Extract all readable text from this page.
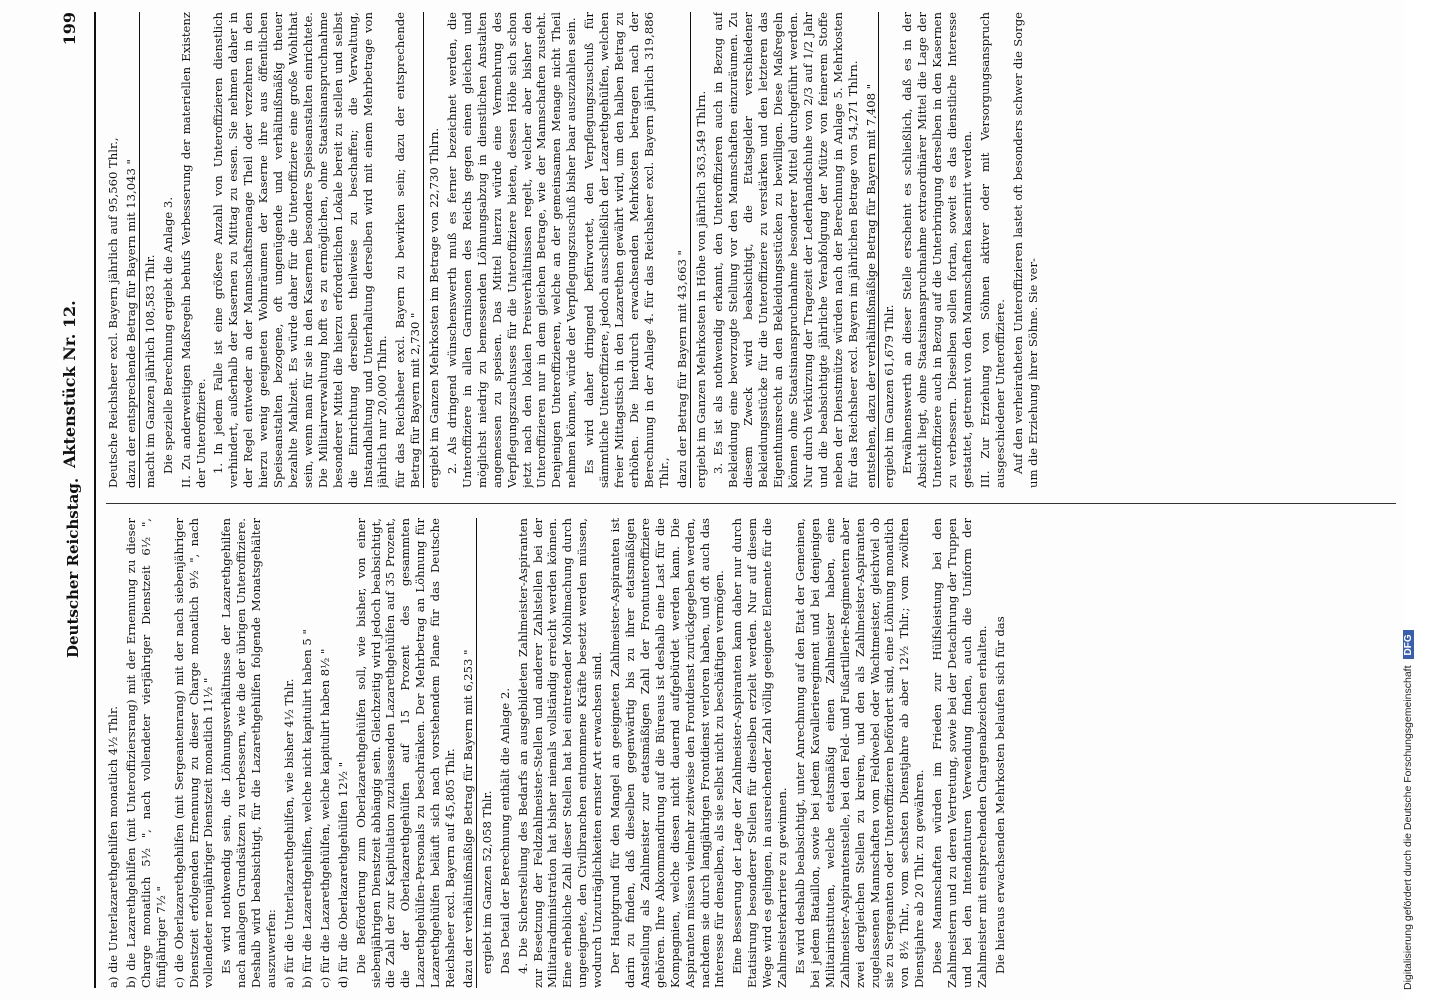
Deutscher Reichstag.
Aktenstück Nr. 12.
199

a) die Unterlazarethgehilfen monatlich 4½ Thlr. b) die Lazarethgehilfen (mit Unteroffiziersrang) mit der Ernennung zu dieser Charge monatlich 5½ ", nach vollendeter vierjähriger Dienstzeit 6½ ", fünfjähriger 7½ " c) die Oberlazarethgehilfen (mit Sergeantenrang) mit der nach siebenjähriger Dienstzeit erfolgenden Ernennung zu dieser Charge monatlich 9½ ", nach vollendeter neunjähriger Dienstzeit monatlich 11½ " Es wird nothwendig sein, die Löhnungsverhältnisse der Lazarethgehilfen nach analogen Grundsätzen zu verbessern, wie die der übrigen Unteroffiziere. Deshalb wird beabsichtigt, für die Lazarethgehilfen folgende Monatsgehälter auszuwerfen: a) für die Unterlazarethgehilfen, wie bisher 4½ Thlr. b) für die Lazarethgehilfen, welche nicht kapitulirt haben 5 " c) für die Lazarethgehülfen, welche kapitulirt haben 8½ " d) für die Oberlazarethgehülfen 12½ " Die Beförderung zum Oberlazarethgehülfen soll, wie bisher, von einer siebenjährigen Dienstzeit abhängig sein. Gleichzeitig wird jedoch beabsichtigt, die Zahl der zur Kapitulation zuzulassenden Lazarethgehülfen auf 35 Prozent, die der Oberlazarethgehülfen auf 15 Prozent des gesammten Lazarethgehülfen-Personals zu beschränken. Der Mehrbetrag an Löhnung für Lazarethgehülfen beläuft sich nach vorstehendem Plane für das Deutsche Reichsheer excl. Bayern auf 45,805 Thlr. dazu der verhältnißmäßige Betrag für Bayern mit 6,253 " ergiebt im Ganzen 52,058 Thlr. Das Detail der Berechnung enthält die Anlage 2. 4. Die Sicherstellung des Bedarfs an ausgebildeten Zahlmeister-Aspiranten zur Besetzung der Feldzahlmeister-Stellen und anderer Zahlstellen bei der Militairadministration hat bisher niemals vollständig erreicht werden können. Eine erhebliche Zahl dieser Stellen hat bei eintretender Mobilmachung durch ungeeignete, den Civilbranchen entnommene Kräfte besetzt werden müssen, wodurch Unzuträglichkeiten ernster Art erwachsen sind. Der Hauptgrund für den Mangel an geeigneten Zahlmeister-Aspiranten ist darin zu finden, daß dieselben gegenwärtig bis zu ihrer etatsmäßigen Anstellung als Zahlmeister zur etatsmäßigen Zahl der Frontunteroffiziere gehören. Ihre Abkommandirung auf die Büreaus ist deshalb eine Last für die Kompagnien, welche diesen nicht dauernd aufgebürdet werden kann. Die Aspiranten müssen vielmehr zeitweise den Frontdienst zurückgegeben werden, nachdem sie durch langjährigen Frontdienst verloren haben, und oft auch das Interesse für denselben, als sie selbst nicht zu beschäftigen vermögen. Eine Besserung der Lage der Zahlmeister-Aspiranten kann daher nur durch Etatisirung besonderer Stellen für dieselben erzielt werden. Nur auf diesem Wege wird es gelingen, in ausreichender Zahl völlig geeignete Elemente für die Zahlmeisterkarriere zu gewinnen. Es wird deshalb beabsichtigt, unter Anrechnung auf den Etat der Gemeinen, bei jedem Bataillon, sowie bei jedem Kavallerieregiment und bei denjenigen Militairinstituten, welche etatsmäßig einen Zahlmeister haben, eine Zahlmeister-Aspirantenstelle, bei den Feld- und Fußartillerie-Regimentern aber zwei dergleichen Stellen zu kreiren, und den als Zahlmeister-Aspiranten zugelassenen Mannschaften vom Feldwebel oder Wachtmeister, gleichviel ob sie zu Sergeanten oder Unteroffizieren befördert sind, eine Löhnung monatlich von 8½ Thlr., vom sechsten Dienstjahre ab aber 12½ Thlr.; vom zwölften Dienstjahre ab 20 Thlr. zu gewähren. Diese Mannschaften würden im Frieden zur Hülfsleistung bei den Zahlmeistern und zu deren Vertretung, sowie bei der Detachirung der Truppen und bei den Intendanturen Verwendung finden, auch die Uniform der Zahlmeister mit entsprechenden Chargenabzeichen erhalten. Die hieraus erwachsenden Mehrkosten belaufen sich für das

Deutsche Reichsheer excl. Bayern jährlich auf 95,560 Thlr., dazu der entsprechende Betrag für Bayern mit 13,043 " macht im Ganzen jährlich 108,583 Thlr. Die spezielle Berechnung ergiebt die Anlage 3. II. Zu anderweitigen Maßregeln behufs Verbesserung der materiellen Existenz der Unteroffiziere. 1. In jedem Falle ist eine größere Anzahl von Unteroffizieren dienstlich verhindert, außerhalb der Kasernen zu Mittag zu essen. Sie nehmen daher in der Regel entweder an der Mannschaftsmenage Theil oder verzehren in den hierzu wenig geeigneten Wohnräumen der Kaserne ihre aus öffentlichen Speiseanstalten bezogene, oft ungenügende und verhältnißmäßig theuer bezahlte Mahlzeit. Es würde daher für die Unteroffiziere eine große Wohlthat sein, wenn man für sie in den Kasernen besondere Speiseanstalten einrichtete. Die Militairverwaltung hofft es zu ermöglichen, ohne Staatsinanspruchnahme besonderer Mittel die hierzu erforderlichen Lokale bereit zu stellen und selbst die Einrichtung derselben theilweise zu beschaffen; die Verwaltung, Instandhaltung und Unterhaltung derselben wird mit einem Mehrbetrage von jährlich nur 20,000 Thlrn. für das Reichsheer excl. Bayern zu bewirken sein; dazu der entsprechende Betrag für Bayern mit 2,730 " ergiebt im Ganzen Mehrkosten im Betrage von 22,730 Thlrn. 2. Als dringend wünschenswerth muß es ferner bezeichnet werden, die Unteroffiziere in allen Garnisonen des Reichs gegen einen gleichen und möglichst niedrig zu bemessenden Löhnungsabzug in dienstlichen Anstalten angemessen zu speisen. Das Mittel hierzu würde eine Vermehrung des Verpflegungszuschusses für die Unteroffiziere bieten, dessen Höhe sich schon jetzt nach den lokalen Preisverhältnissen regelt, welcher aber bisher den Unteroffizieren nur in dem gleichen Betrage, wie der Mannschaften zusteht. Denjenigen Unteroffizieren, welche an der gemeinsamen Menage nicht Theil nehmen können, würde der Verpflegungszuschuß bisher baar auszuzahlen sein. Es wird daher dringend befürwortet, den Verpflegungszuschuß für sämmtliche Unteroffiziere, jedoch ausschließlich der Lazarethgehülfen, welchen freier Mittagstisch in den Lazarethen gewährt wird, um den halben Betrag zu erhöhen. Die hierdurch erwachsenden Mehrkosten betragen nach der Berechnung in der Anlage 4. für das Reichsheer excl. Bayern jährlich 319,886 Thlr., dazu der Betrag für Bayern mit 43,663 " ergiebt im Ganzen Mehrkosten in Höhe von jährlich 363,549 Thlrn. 3. Es ist als nothwendig erkannt, den Unteroffizieren auch in Bezug auf Bekleidung eine bevorzugte Stellung vor den Mannschaften einzuräumen. Zu diesem Zweck wird beabsichtigt, die Etatsgelder verschiedener Bekleidungsstücke für die Unteroffiziere zu verstärken und den letzteren das Eigenthumsrecht an den Bekleidungsstücken zu bewilligen. Diese Maßregeln können ohne Staatsinanspruchnahme besonderer Mittel durchgeführt werden. Nur durch Verkürzung der Tragezeit der Lederhandschuhe von 2/3 auf 1/2 Jahr und die beabsichtigte jährliche Verabfolgung der Mütze von feinerem Stoffe neben der Dienstmütze würden nach der Berechnung in Anlage 5. Mehrkosten für das Reichsheer excl. Bayern im jährlichen Betrage von 54,271 Thlrn. entstehen, dazu der verhältnißmäßige Betrag für Bayern mit 7,408 " ergiebt im Ganzen 61,679 Thlr. Erwähnenswerth an dieser Stelle erscheint es schließlich, daß es in der Absicht liegt, ohne Staatsinanspruchnahme extraordinärer Mittel die Lage der Unteroffiziere auch in Bezug auf die Unterbringung derselben in den Kasernen zu verbessern. Dieselben sollen fortan, soweit es das dienstliche Interesse gestattet, getrennt von den Mannschaften kasernirt werden. III. Zur Erziehung von Söhnen aktiver oder mit Versorgungsanspruch ausgeschiedener Unteroffiziere. Auf den verheiratheten Unteroffizieren lastet oft besonders schwer die Sorge um die Erziehung ihrer Söhne. Sie ver-

Digitalisierung gefördert durch die Deutsche ForschungsgemeinschaftDFG
